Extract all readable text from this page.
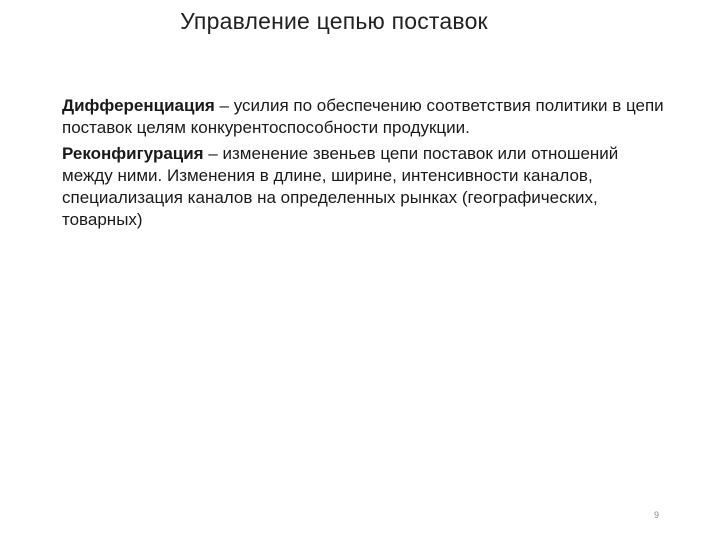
Управление цепью поставок

Дифференциация – усилия по обеспечению соответствия политики в цепи поставок целям конкурентоспособности продукции.

Реконфигурация – изменение звеньев цепи поставок или отношений между ними. Изменения в длине, ширине, интенсивности каналов, специализация каналов на определенных рынках (географических, товарных)

9
